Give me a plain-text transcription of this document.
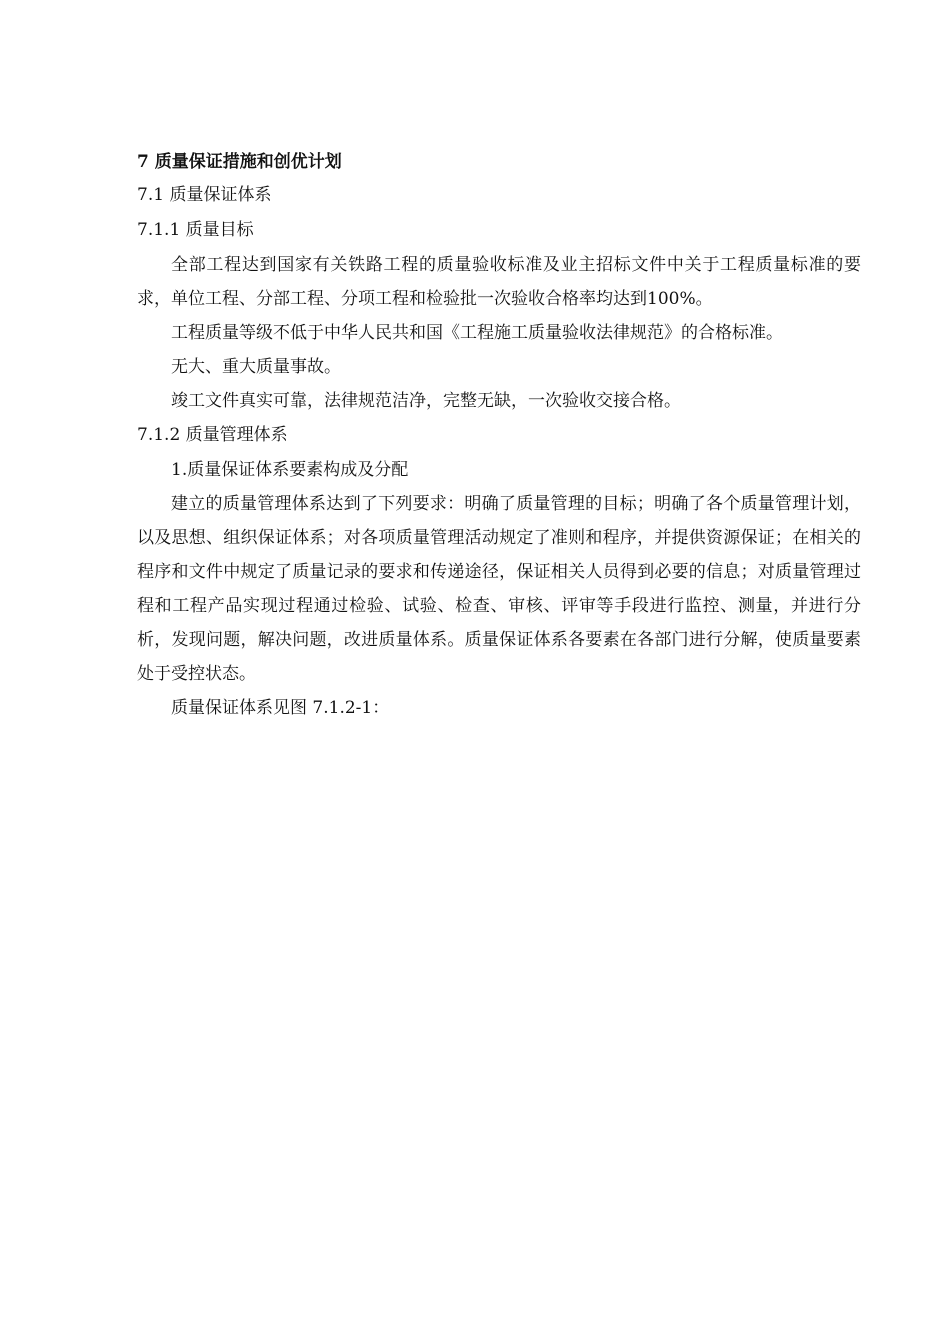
7 质量保证措施和创优计划

7.1 质量保证体系

7.1.1 质量目标

全部工程达到国家有关铁路工程的质量验收标准及业主招标文件中关于工程质量标准的要求，单位工程、分部工程、分项工程和检验批一次验收合格率均达到100%。

工程质量等级不低于中华人民共和国《工程施工质量验收法律规范》的合格标准。

无大、重大质量事故。

竣工文件真实可靠，法律规范洁净，完整无缺，一次验收交接合格。

7.1.2 质量管理体系

1.质量保证体系要素构成及分配

建立的质量管理体系达到了下列要求：明确了质量管理的目标；明确了各个质量管理计划，以及思想、组织保证体系；对各项质量管理活动规定了准则和程序，并提供资源保证；在相关的程序和文件中规定了质量记录的要求和传递途径，保证相关人员得到必要的信息；对质量管理过程和工程产品实现过程通过检验、试验、检查、审核、评审等手段进行监控、测量，并进行分析，发现问题，解决问题，改进质量体系。质量保证体系各要素在各部门进行分解，使质量要素处于受控状态。

质量保证体系见图 7.1.2-1：
